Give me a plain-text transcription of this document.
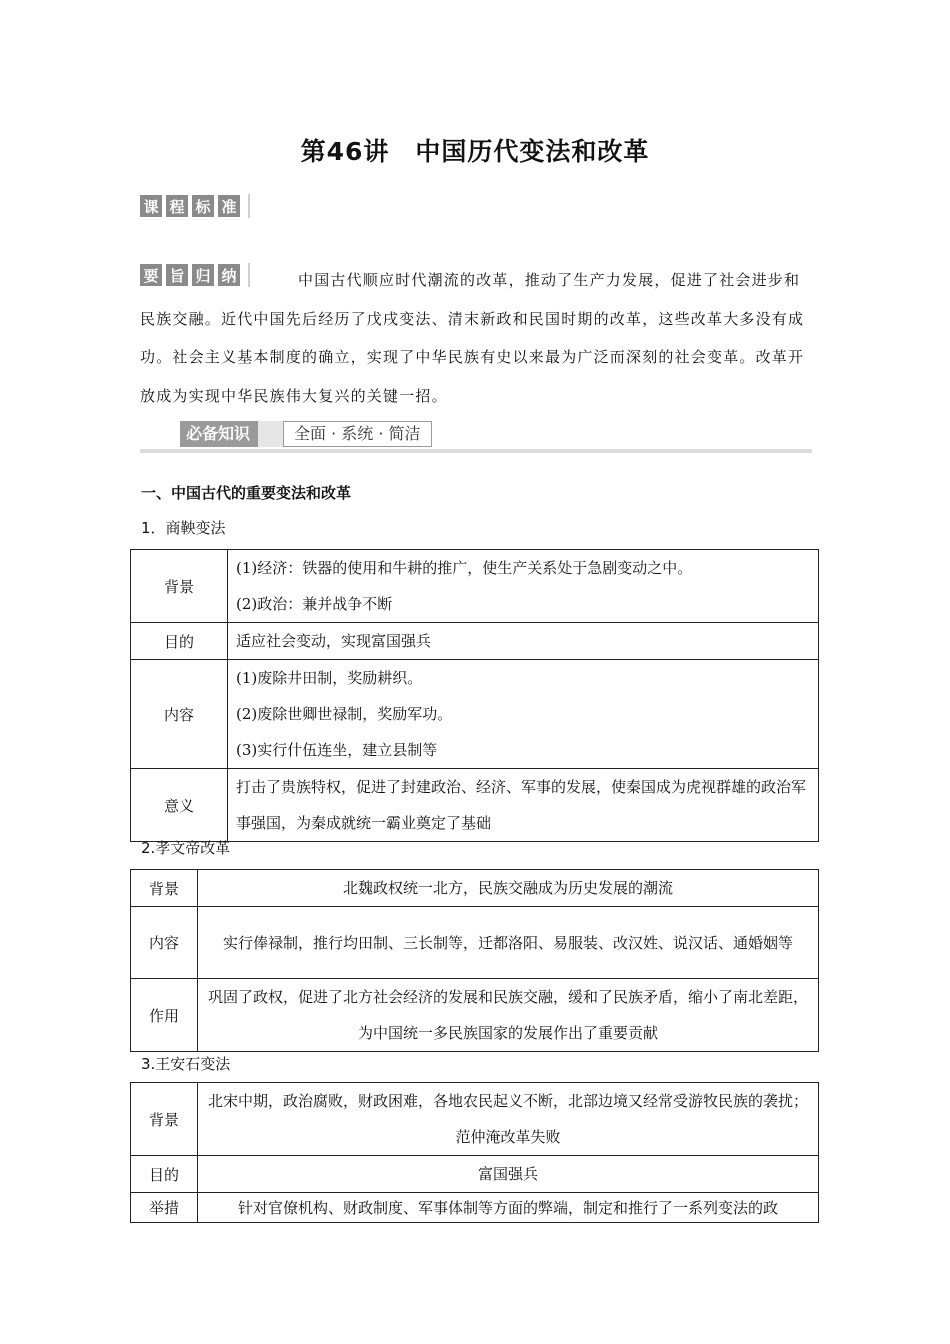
第46讲　中国历代变法和改革
课 程 标 准
要 旨 归 纳	中国古代顺应时代潮流的改革，推动了生产力发展，促进了社会进步和民族交融。近代中国先后经历了戊戌变法、清末新政和民国时期的改革，这些改革大多没有成功。社会主义基本制度的确立，实现了中华民族有史以来最为广泛而深刻的社会变革。改革开放成为实现中华民族伟大复兴的关键一招。
必备知识	全面 · 系统 · 简洁
一、中国古代的重要变法和改革
1．商鞅变法
背景	(1)经济：铁器的使用和牛耕的推广，使生产关系处于急剧变动之中。
(2)政治：兼并战争不断

目的	适应社会变动，实现富国强兵
内容	(1)废除井田制，奖励耕织。
(2)废除世卿世禄制，奖励军功。
(3)实行什伍连坐，建立县制等

意义	打击了贵族特权，促进了封建政治、经济、军事的发展，使秦国成为虎视群雄的政治军事强国，为秦成就统一霸业奠定了基础
2.孝文帝改革
背景	北魏政权统一北方，民族交融成为历史发展的潮流
内容	实行俸禄制，推行均田制、三长制等，迁都洛阳、易服装、改汉姓、说汉话、通婚姻等
作用	巩固了政权，促进了北方社会经济的发展和民族交融，缓和了民族矛盾，缩小了南北差距，为中国统一多民族国家的发展作出了重要贡献
3.王安石变法
背景	北宋中期，政治腐败，财政困难，各地农民起义不断，北部边境又经常受游牧民族的袭扰；范仲淹改革失败
目的	富国强兵
举措	针对官僚机构、财政制度、军事体制等方面的弊端，制定和推行了一系列变法的政
